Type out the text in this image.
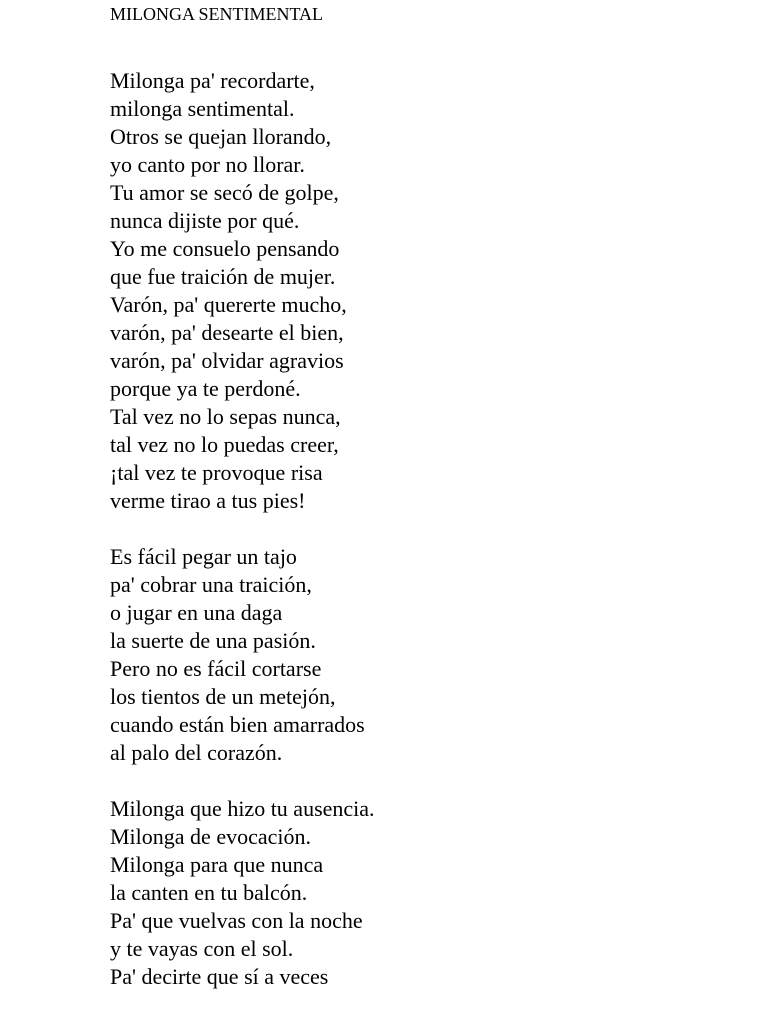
MILONGA SENTIMENTAL
Milonga pa' recordarte,
milonga sentimental.
Otros se quejan llorando,
yo canto por no llorar.
Tu amor se secó de golpe,
nunca dijiste por qué.
Yo me consuelo pensando
que fue traición de mujer.
Varón, pa' quererte mucho,
varón, pa' desearte el bien,
varón, pa' olvidar agravios
porque ya te perdoné.
Tal vez no lo sepas nunca,
tal vez no lo puedas creer,
¡tal vez te provoque risa
verme tirao a tus pies!
Es fácil pegar un tajo
pa' cobrar una traición,
o jugar en una daga
la suerte de una pasión.
Pero no es fácil cortarse
los tientos de un metejón,
cuando están bien amarrados
al palo del corazón.
Milonga que hizo tu ausencia.
Milonga de evocación.
Milonga para que nunca
la canten en tu balcón.
Pa' que vuelvas con la noche
y te vayas con el sol.
Pa' decirte que sí a veces
